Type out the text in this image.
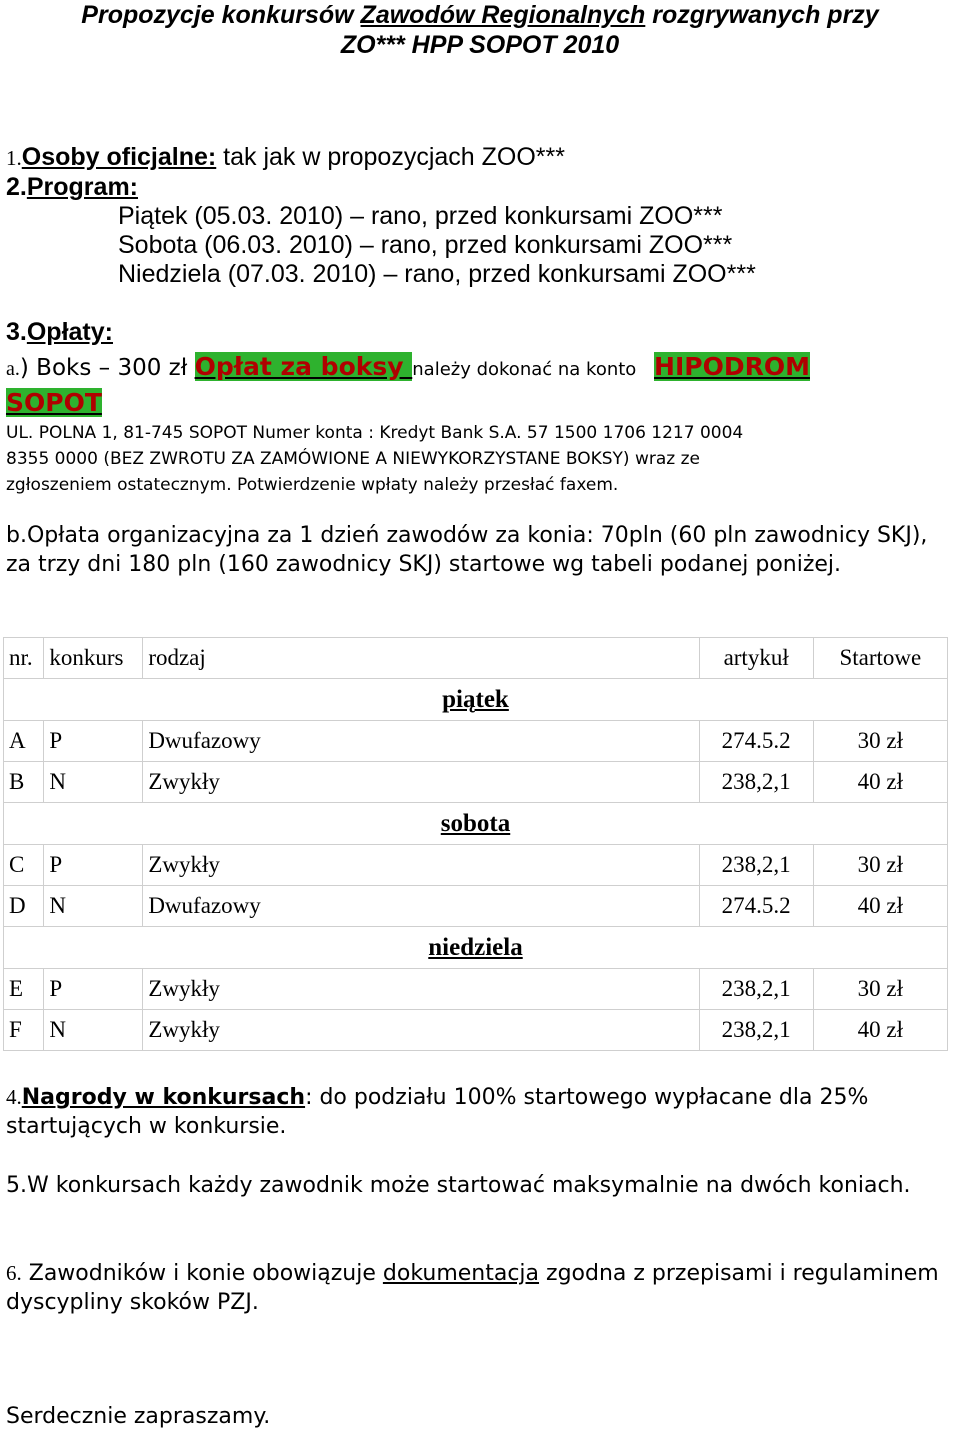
Propozycje konkursów Zawodów Regionalnych rozgrywanych przy
ZO*** HPP SOPOT 2010
1.Osoby oficjalne: tak jak w propozycjach ZOO***
2.Program:
Piątek (05.03. 2010) – rano, przed konkursami ZOO***
Sobota (06.03. 2010) – rano, przed konkursami ZOO***
Niedziela (07.03. 2010) – rano, przed konkursami ZOO***
3.Opłaty:
a.) Boks – 300 zł Opłat za boksy należy dokonać na konto HIPODROM
SOPOT
UL. POLNA 1, 81-745 SOPOT Numer konta : Kredyt Bank S.A. 57 1500 1706 1217 0004
8355 0000 (BEZ ZWROTU ZA ZAMÓWIONE A NIEWYKORZYSTANE BOKSY) wraz ze
zgłoszeniem ostatecznym. Potwierdzenie wpłaty należy przesłać faxem.
b.Opłata organizacyjna za 1 dzień zawodów za konia: 70pln (60 pln zawodnicy SKJ), za trzy dni 180 pln (160 zawodnicy SKJ) startowe wg tabeli podanej poniżej.
nr.	konkurs	rodzaj	artykuł	Startowe
piątek				
A	P	Dwufazowy	274.5.2	30 zł
B	N	Zwykły	238,2,1	40 zł
sobota				
C	P	Zwykły	238,2,1	30 zł
D	N	Dwufazowy	274.5.2	40 zł
niedziela				
E	P	Zwykły	238,2,1	30 zł
F	N	Zwykły	238,2,1	40 zł
4.Nagrody w konkursach: do podziału 100% startowego wypłacane dla 25% startujących w konkursie.
5.W konkursach każdy zawodnik może startować maksymalnie na dwóch koniach.
6. Zawodników i konie obowiązuje dokumentacja zgodna z przepisami i regulaminem dyscypliny skoków PZJ.
Serdecznie zapraszamy.
